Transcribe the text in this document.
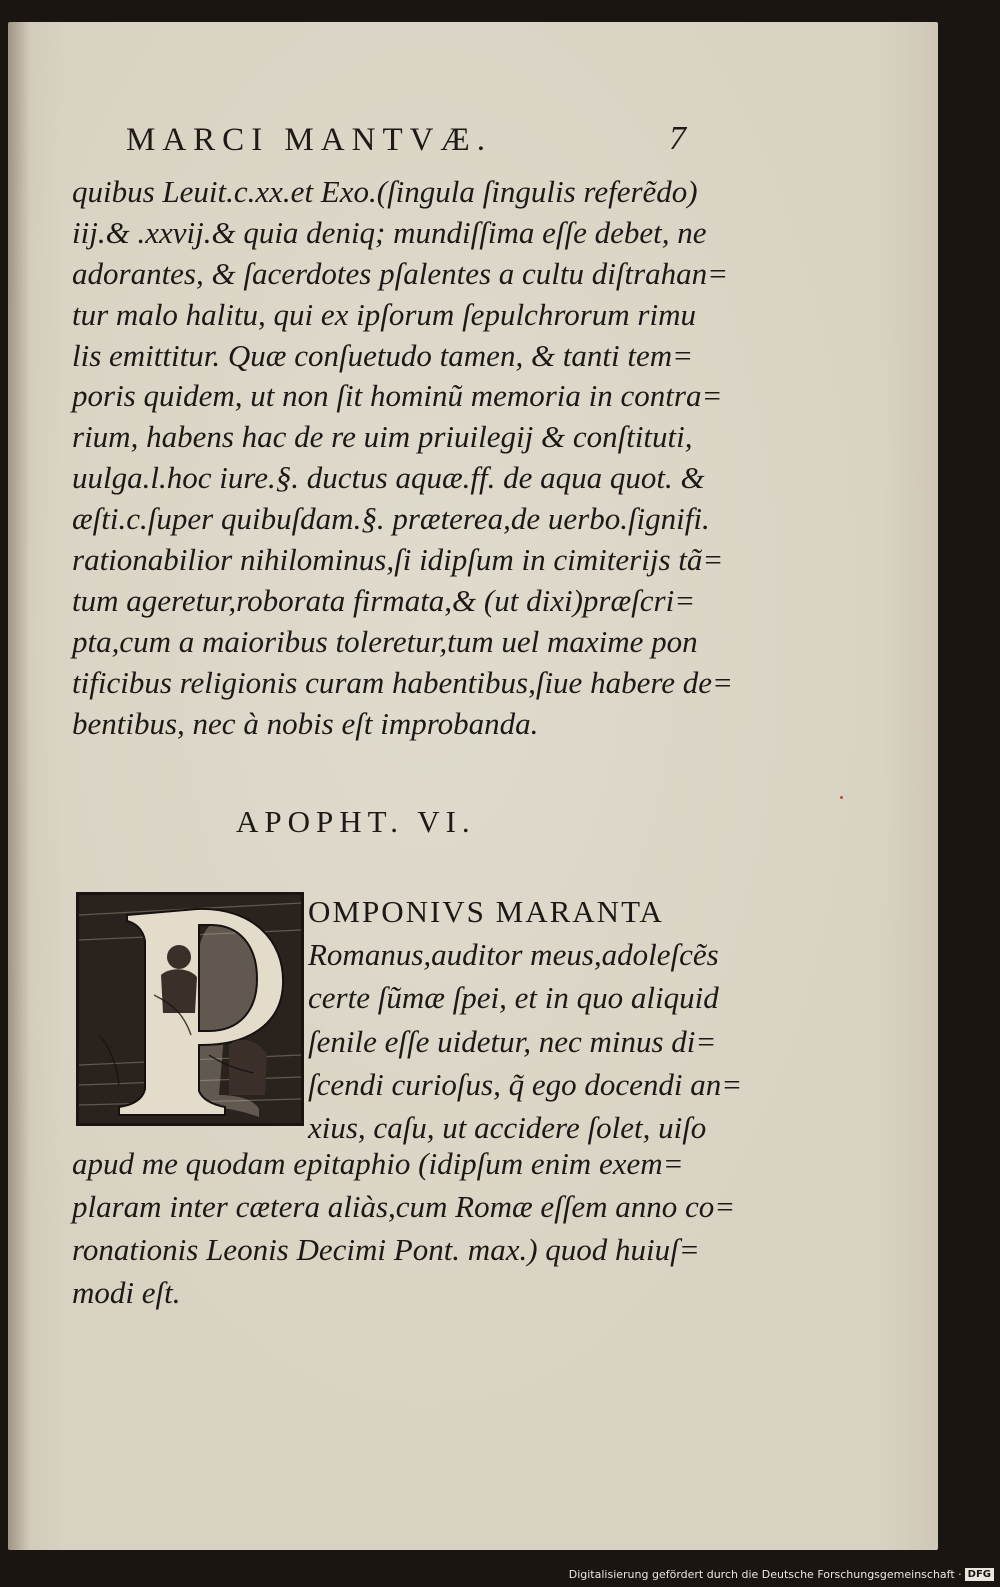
MARCI MANTVÆ.	7
quibus Leuit.c.xx.et Exo.(ſingula ſingulis referẽdo)
iij.& .xxvij.& quia deniq; mundiſſima eſſe debet, ne
adorantes, & ſacerdotes pſalentes a cultu diſtrahan=
tur malo halitu, qui ex ipſorum ſepulchrorum rimu
lis emittitur. Quæ conſuetudo tamen, & tanti tem=
poris quidem, ut non ſit hominũ memoria in contra=
rium, habens hac de re uim priuilegij & conſtituti,
uulga.l.hoc iure.§. ductus aquæ.ff. de aqua quot. &
æſti.c.ſuper quibuſdam.§. præterea,de uerbo.ſignifi.
rationabilior nihilominus,ſi idipſum in cimiterijs tã=
tum ageretur,roborata firmata,& (ut dixi)præſcri=
pta,cum a maioribus toleretur,tum uel maxime pon
tificibus religionis curam habentibus,ſiue habere de=
bentibus, nec à nobis eſt improbanda.
APOPHT. VI.
OMPONIVS MARANTA
Romanus,auditor meus,adoleſcẽs
certe ſũmæ ſpei, et in quo aliquid
ſenile eſſe uidetur, nec minus di=
ſcendi curioſus, q̃ ego docendi an=
xius, caſu, ut accidere ſolet, uiſo
apud me quodam epitaphio (idipſum enim exem=
plaram inter cætera aliàs,cum Romæ eſſem anno co=
ronationis Leonis Decimi Pont. max.) quod huiuſ=
modi eſt.
Digitalisierung gefördert durch die Deutsche Forschungsgemeinschaft · DFG
